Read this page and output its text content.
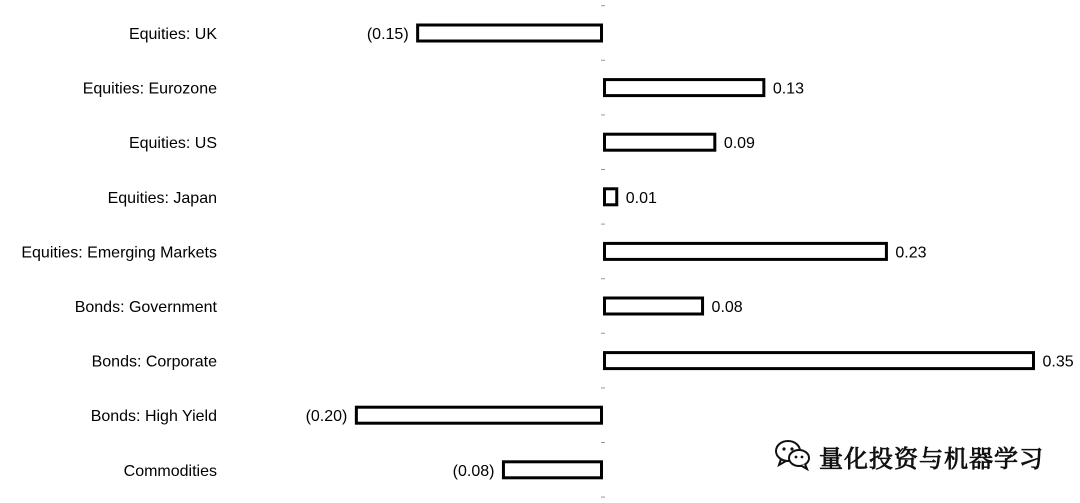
Equities: UK	(0.15)
Equities: Eurozone	0.13
Equities: US	0.09
Equities: Japan	0.01
Equities: Emerging Markets	0.23
Bonds: Government	0.08
Bonds: Corporate	0.35
Bonds: High Yield	(0.20)
Commodities	(0.08)	量化投资与机器学习
